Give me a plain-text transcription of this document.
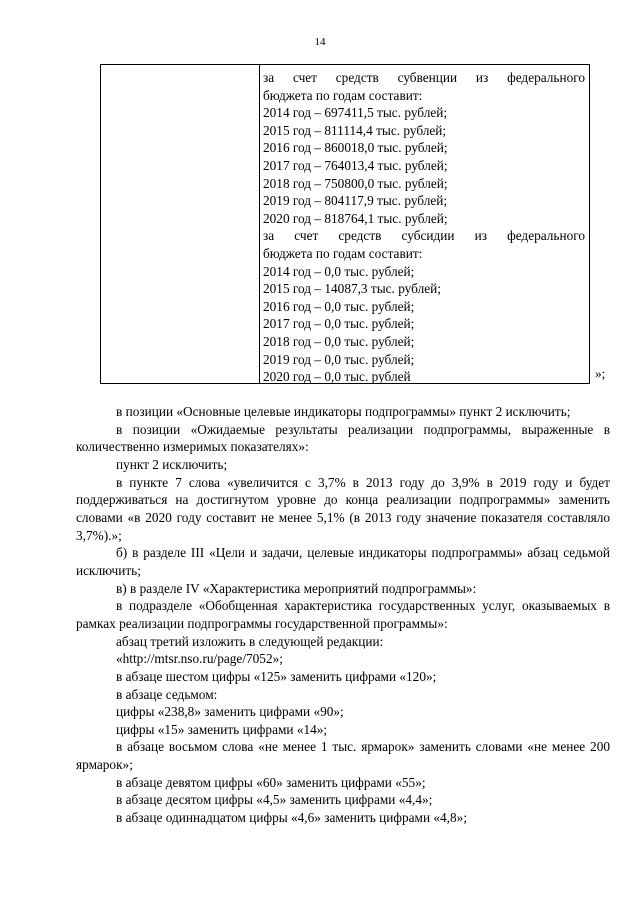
14
за счет средств субвенции из федерального
бюджета по годам составит:
2014 год – 697411,5 тыс. рублей;
2015 год – 811114,4 тыс. рублей;
2016 год – 860018,0 тыс. рублей;
2017 год – 764013,4 тыс. рублей;
2018 год – 750800,0 тыс. рублей;
2019 год – 804117,9 тыс. рублей;
2020 год – 818764,1 тыс. рублей;
за счет средств субсидии из федерального
бюджета по годам составит:
2014 год – 0,0 тыс. рублей;
2015 год – 14087,3 тыс. рублей;
2016 год – 0,0 тыс. рублей;
2017 год – 0,0 тыс. рублей;
2018 год – 0,0 тыс. рублей;
2019 год – 0,0 тыс. рублей;
2020 год – 0,0 тыс. рублей	»;
в позиции «Основные целевые индикаторы подпрограммы» пункт 2 исключить;
в позиции «Ожидаемые результаты реализации подпрограммы, выраженные в количественно измеримых показателях»:
пункт 2 исключить;
в пункте 7 слова «увеличится с 3,7% в 2013 году до 3,9% в 2019 году и будет поддерживаться на достигнутом уровне до конца реализации подпрограммы» заменить словами «в 2020 году составит не менее 5,1% (в 2013 году значение показателя составляло 3,7%).»;
б) в разделе III «Цели и задачи, целевые индикаторы подпрограммы» абзац седьмой исключить;
в) в разделе IV «Характеристика мероприятий подпрограммы»:
в подразделе «Обобщенная характеристика государственных услуг, оказываемых в рамках реализации подпрограммы государственной программы»:
абзац третий изложить в следующей редакции:
«http://mtsr.nso.ru/page/7052»;
в абзаце шестом цифры «125» заменить цифрами «120»;
в абзаце седьмом:
цифры «238,8» заменить цифрами «90»;
цифры «15» заменить цифрами «14»;
в абзаце восьмом слова «не менее 1 тыс. ярмарок» заменить словами «не менее 200 ярмарок»;
в абзаце девятом цифры «60» заменить цифрами «55»;
в абзаце десятом цифры «4,5» заменить цифрами «4,4»;
в абзаце одиннадцатом цифры «4,6» заменить цифрами «4,8»;
